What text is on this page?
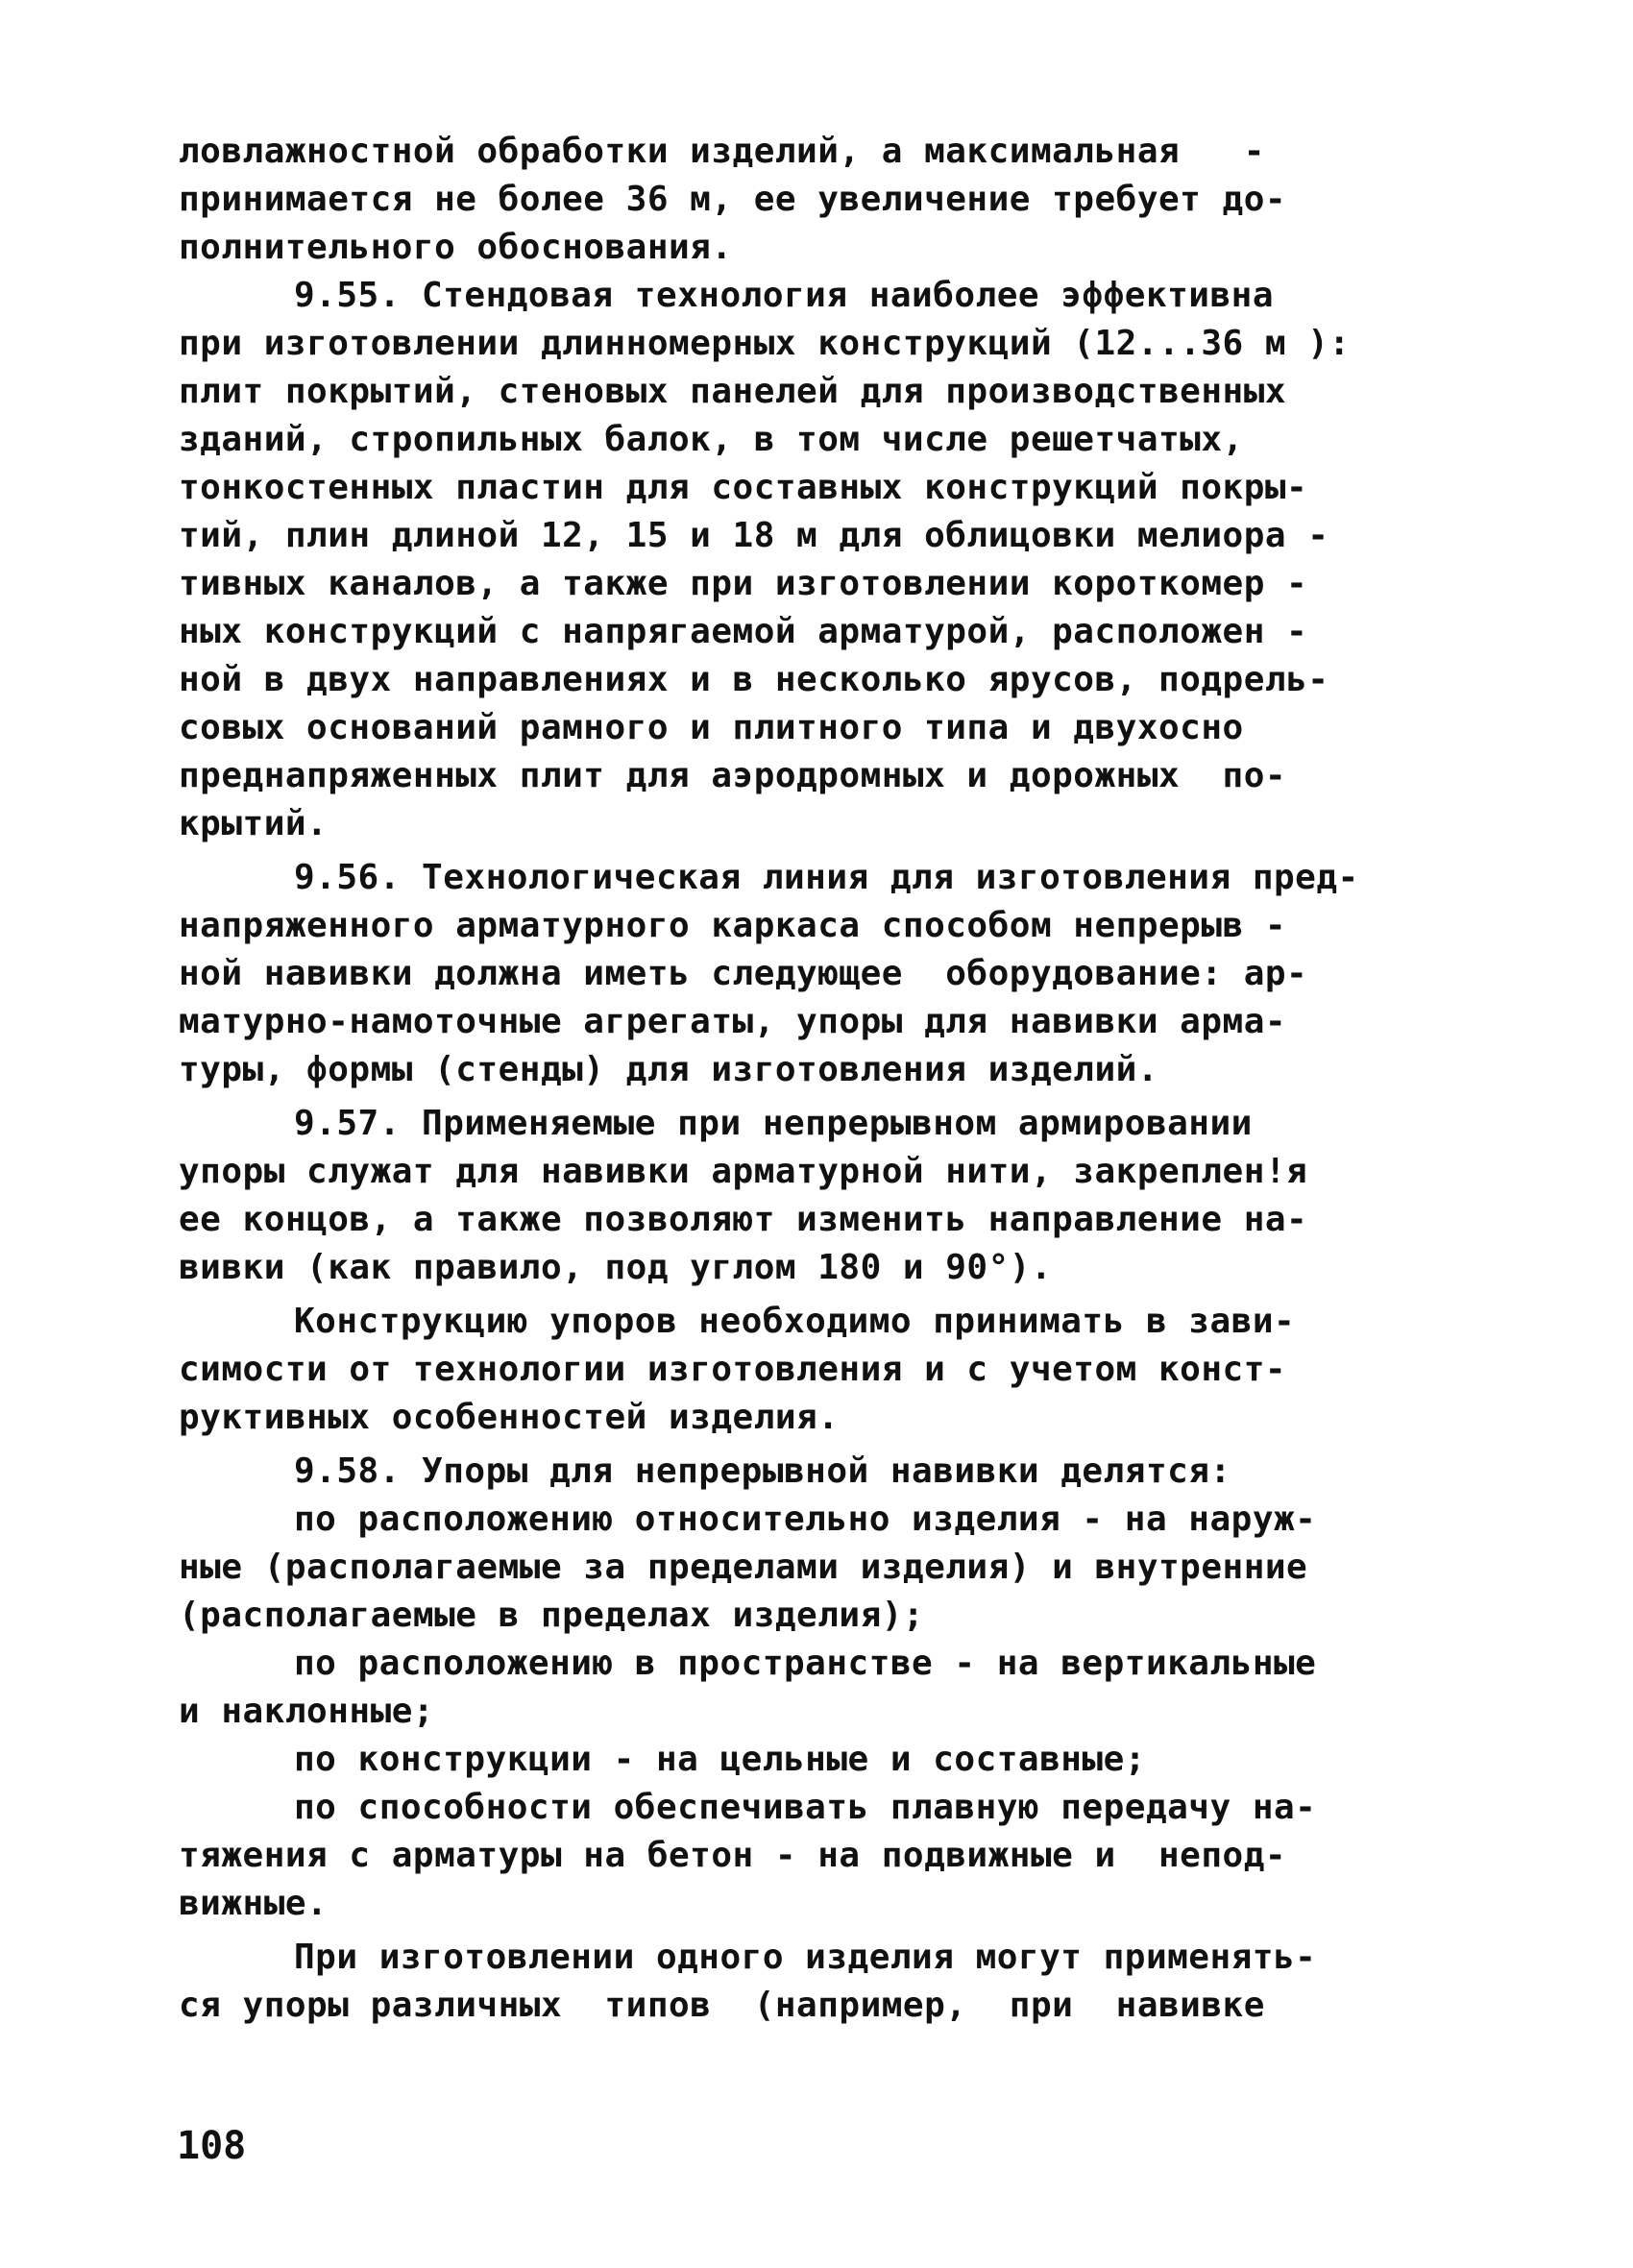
лoвлажностной обработки изделий, а максимальная   -
принимается не более 36 м, ее увеличение требует до-
полнительного обоснования.
9.55. Стендовая технология наиболее эффективна
при изготовлении длинномерных конструкций (12...36 м ):
плит покрытий, стеновых панелей для производственных
зданий, стропильных балок, в том числе решетчатых,
тонкостенных пластин для составных конструкций покры-
тий, плин длиной 12, 15 и 18 м для облицовки мелиора -
тивных каналов, а также при изготовлении короткомер -
ных конструкций с напрягаемой арматурой, расположен -
ной в двух направлениях и в несколько ярусов, подрель-
совых оснований рамного и плитного типа и двухосно
преднапряженных плит для аэродромных и дорожных  по-
крытий.
9.56. Технологическая линия для изготовления пред-
напряженного арматурного каркаса способом непрерыв -
ной навивки должна иметь следующее  оборудование: ар-
матурно-намоточные агрегаты, упоры для навивки арма-
туры, формы (стенды) для изготовления изделий.
9.57. Применяемые при непрерывном армировании
упоры служат для навивки арматурной нити, закреплен!я
ее концов, а также позволяют изменить направление на-
вивки (как правило, под углом 180 и 90°).
Конструкцию упоров необходимо принимать в зави-
симости от технологии изготовления и с учетом конст-
руктивных особенностей изделия.
9.58. Упоры для непрерывной навивки делятся:
по расположению относительно изделия - на наруж-
ные (располагаемые за пределами изделия) и внутренние
(располагаемые в пределах изделия);
по расположению в пространстве - на вертикальные
и наклонные;
по конструкции - на цельные и составные;
по способности обеспечивать плавную передачу на-
тяжения с арматуры на бетон - на подвижные и  непод-
вижные.
При изготовлении одного изделия могут применять-
ся упоры различных  типов  (например,  при  навивке
108
